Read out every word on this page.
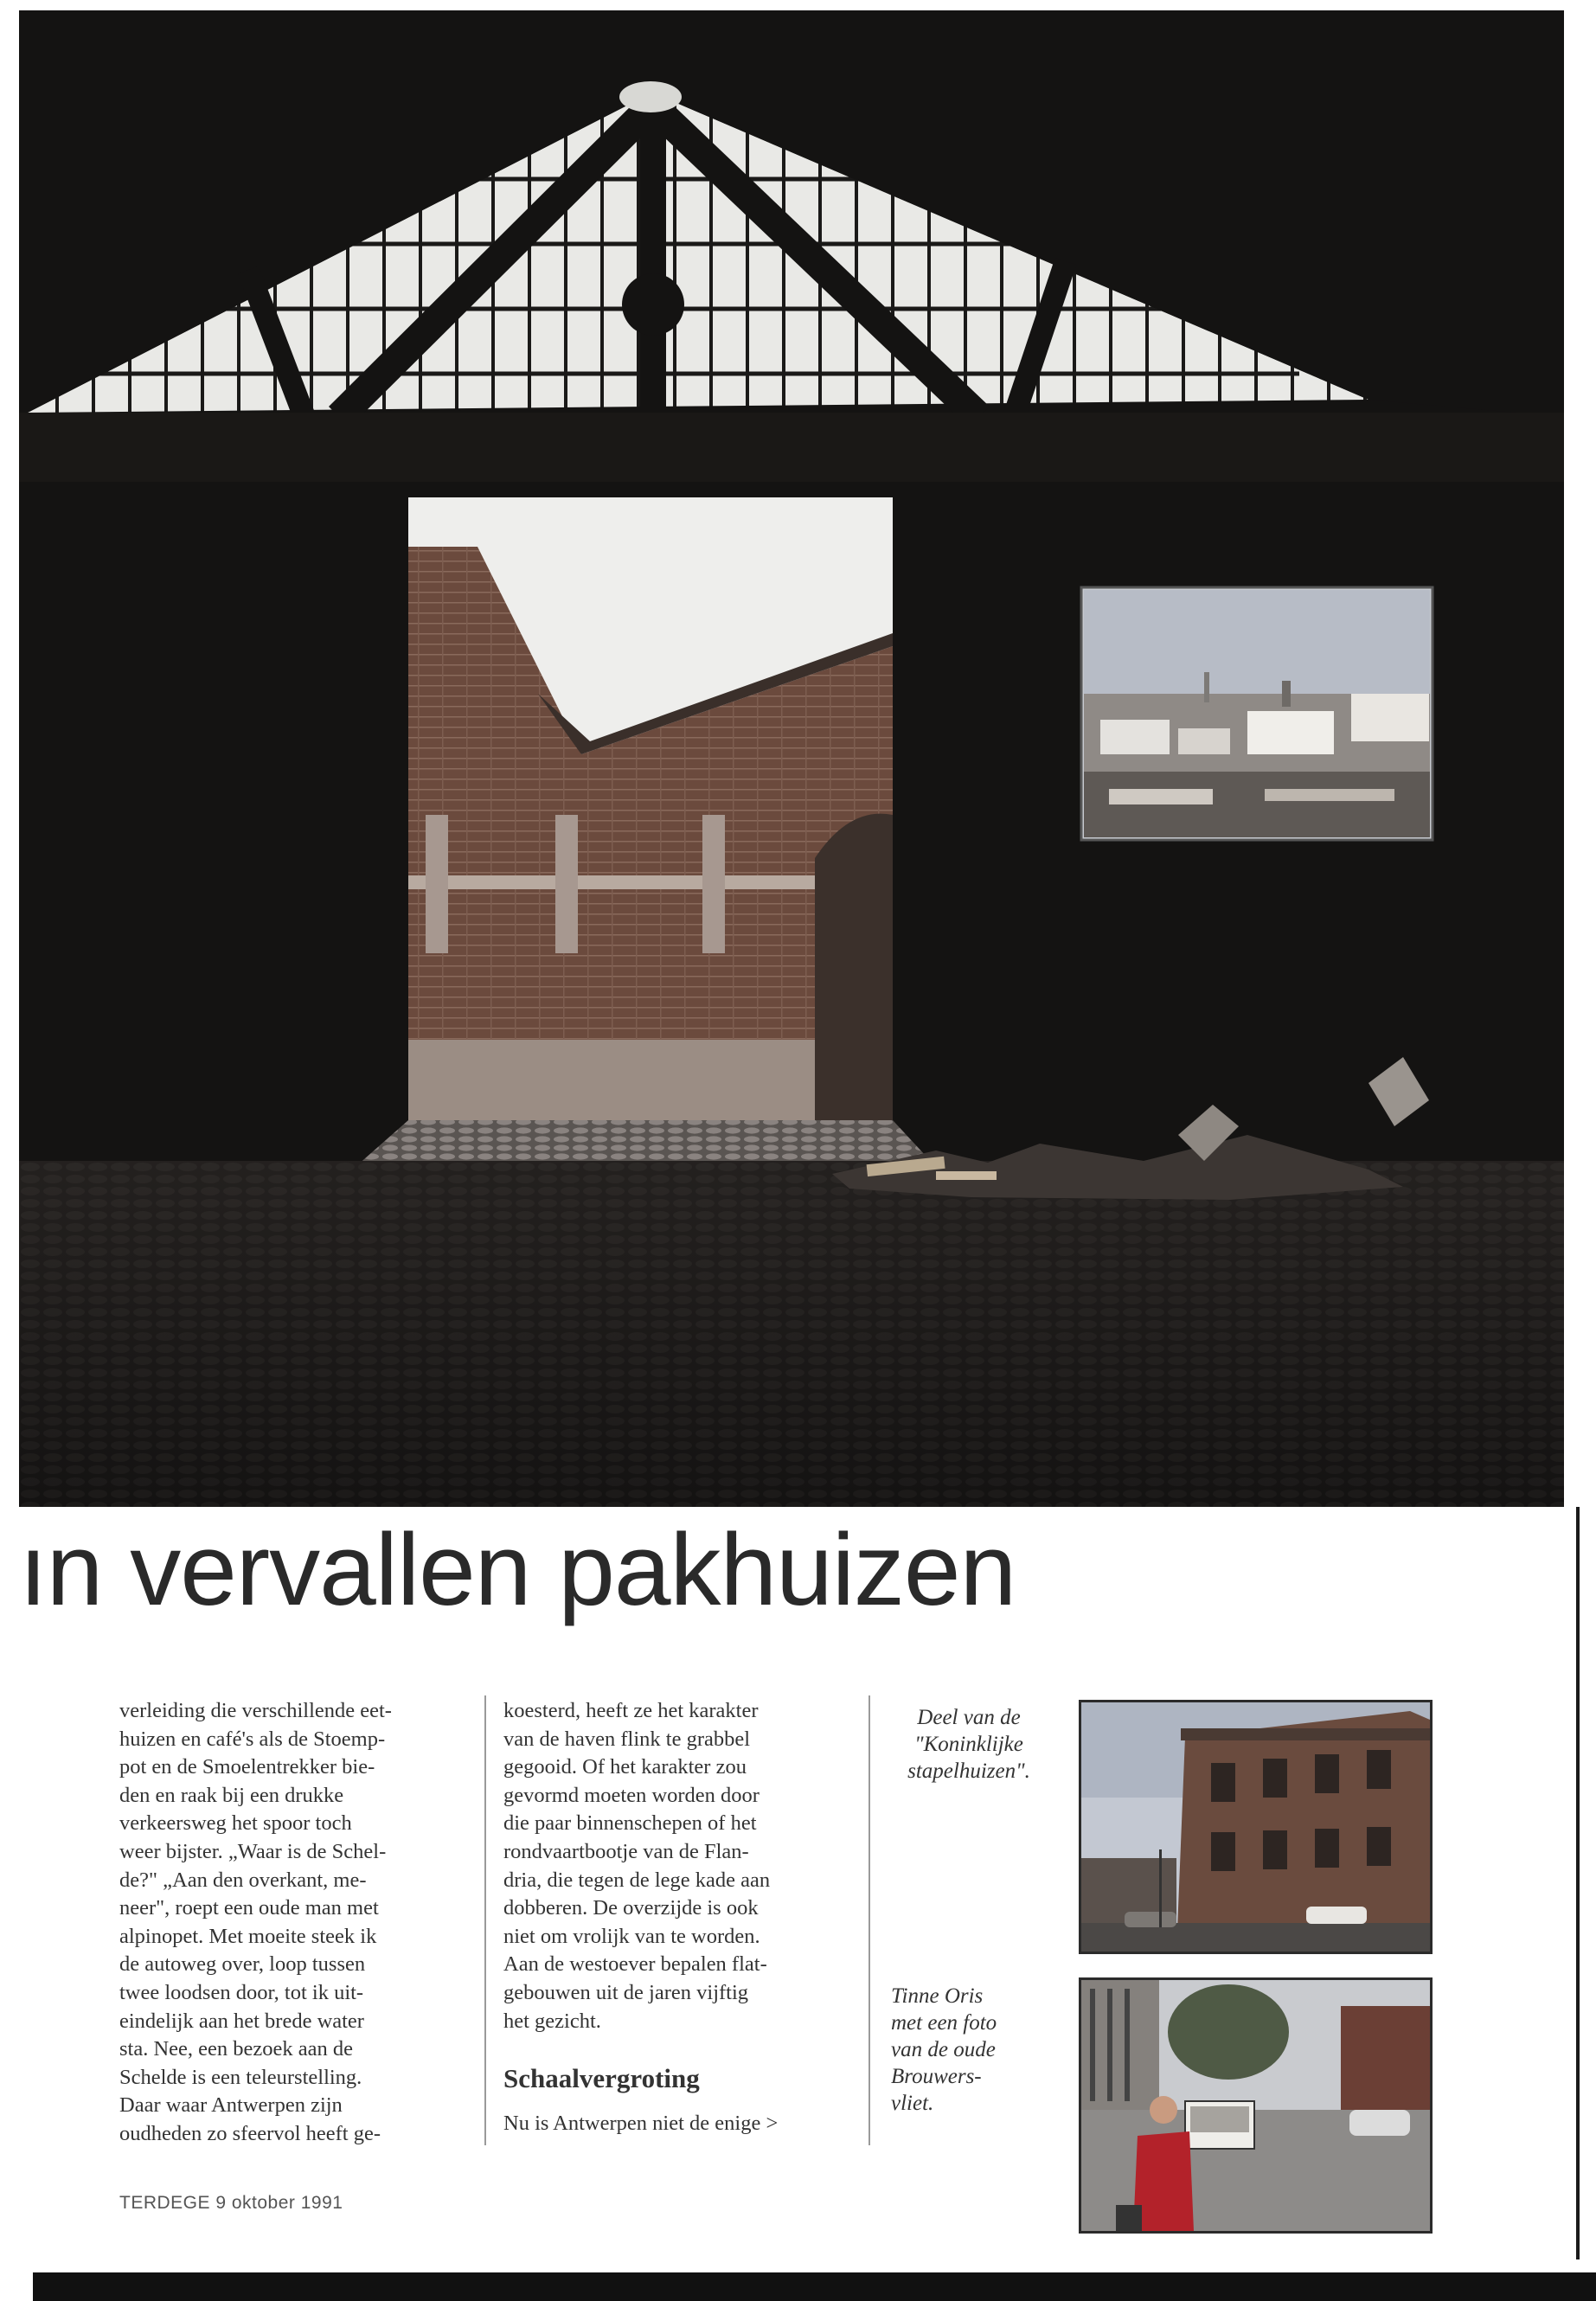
ın vervallen pakhuizen
verleiding die verschillende eet-
huizen en café's als de Stoemp-
pot en de Smoelentrekker bie-
den en raak bij een drukke
verkeersweg het spoor toch
weer bijster. „Waar is de Schel-
de?" „Aan den overkant, me-
neer", roept een oude man met
alpinopet. Met moeite steek ik
de autoweg over, loop tussen
twee loodsen door, tot ik uit-
eindelijk aan het brede water
sta. Nee, een bezoek aan de
Schelde is een teleurstelling.
Daar waar Antwerpen zijn
oudheden zo sfeervol heeft ge-
koesterd, heeft ze het karakter
van de haven flink te grabbel
gegooid. Of het karakter zou
gevormd moeten worden door
die paar binnenschepen of het
rondvaartbootje van de Flan-
dria, die tegen de lege kade aan
dobberen. De overzijde is ook
niet om vrolijk van te worden.
Aan de westoever bepalen flat-
gebouwen uit de jaren vijftig
het gezicht.
Schaalvergroting
Nu is Antwerpen niet de enige >
Deel van de
"Koninklijke
stapelhuizen".
Tinne Oris
met een foto
van de oude
Brouwers-
vliet.
TERDEGE 9 oktober 1991
